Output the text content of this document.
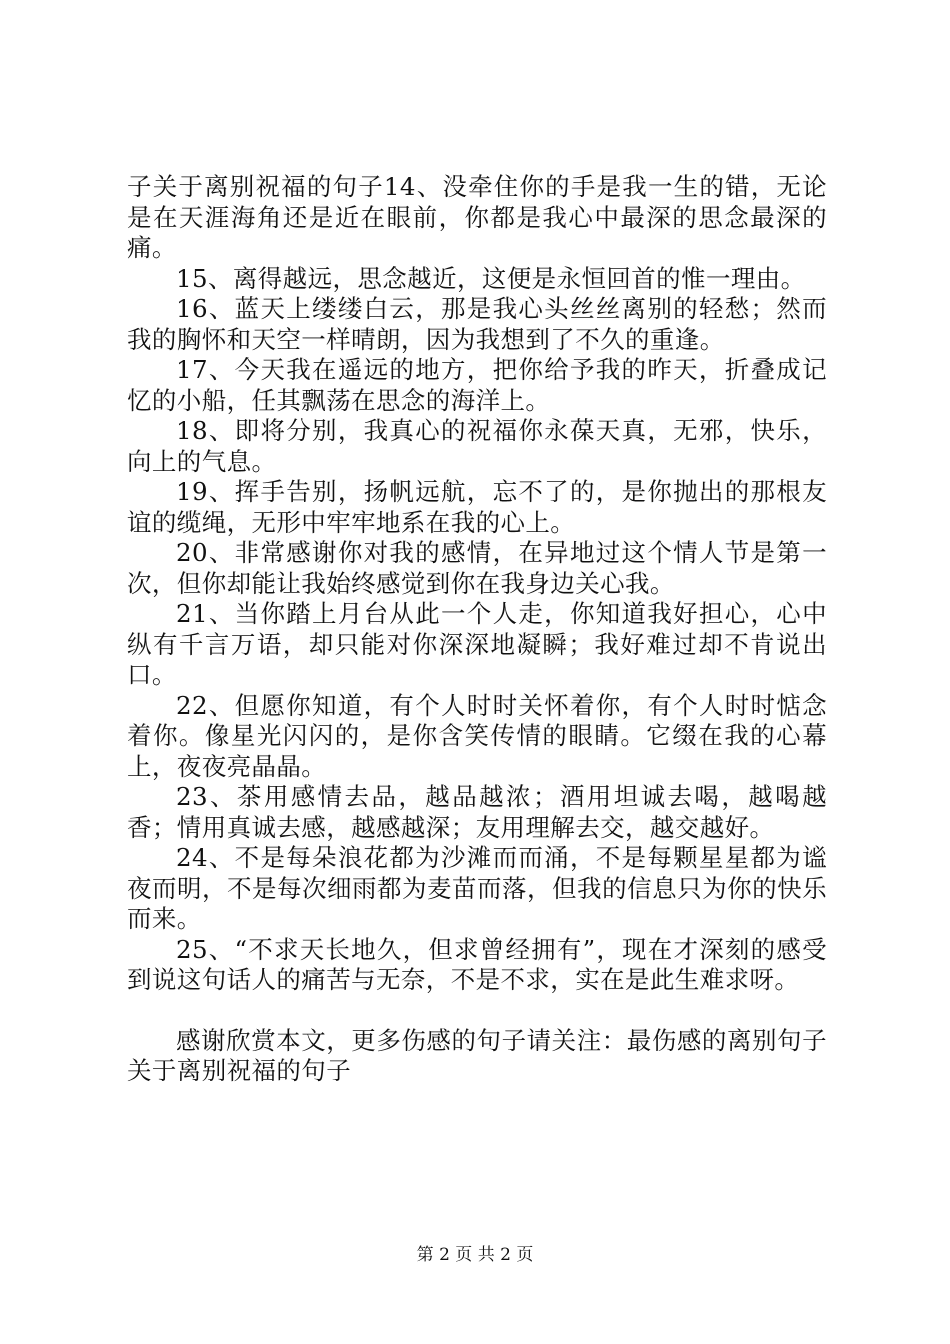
子关于离别祝福的句子14、没牵住你的手是我一生的错，无论是在天涯海角还是近在眼前，你都是我心中最深的思念最深的痛。

15、离得越远，思念越近，这便是永恒回首的惟一理由。

16、蓝天上缕缕白云，那是我心头丝丝离别的轻愁；然而我的胸怀和天空一样晴朗，因为我想到了不久的重逢。

17、今天我在遥远的地方，把你给予我的昨天，折叠成记忆的小船，任其飘荡在思念的海洋上。

18、即将分别，我真心的祝福你永葆天真，无邪，快乐，向上的气息。

19、挥手告别，扬帆远航，忘不了的，是你抛出的那根友谊的缆绳，无形中牢牢地系在我的心上。

20、非常感谢你对我的感情，在异地过这个情人节是第一次，但你却能让我始终感觉到你在我身边关心我。

21、当你踏上月台从此一个人走，你知道我好担心，心中纵有千言万语，却只能对你深深地凝瞬；我好难过却不肯说出口。

22、但愿你知道，有个人时时关怀着你，有个人时时惦念着你。像星光闪闪的，是你含笑传情的眼睛。它缀在我的心幕上，夜夜亮晶晶。

23、茶用感情去品，越品越浓；酒用坦诚去喝，越喝越香；情用真诚去感，越感越深；友用理解去交，越交越好。

24、不是每朵浪花都为沙滩而而涌，不是每颗星星都为谧夜而明，不是每次细雨都为麦苗而落，但我的信息只为你的快乐而来。

25、“不求天长地久，但求曾经拥有”，现在才深刻的感受到说这句话人的痛苦与无奈，不是不求，实在是此生难求呀。

感谢欣赏本文，更多伤感的句子请关注：最伤感的离别句子关于离别祝福的句子

第 2 页 共 2 页
